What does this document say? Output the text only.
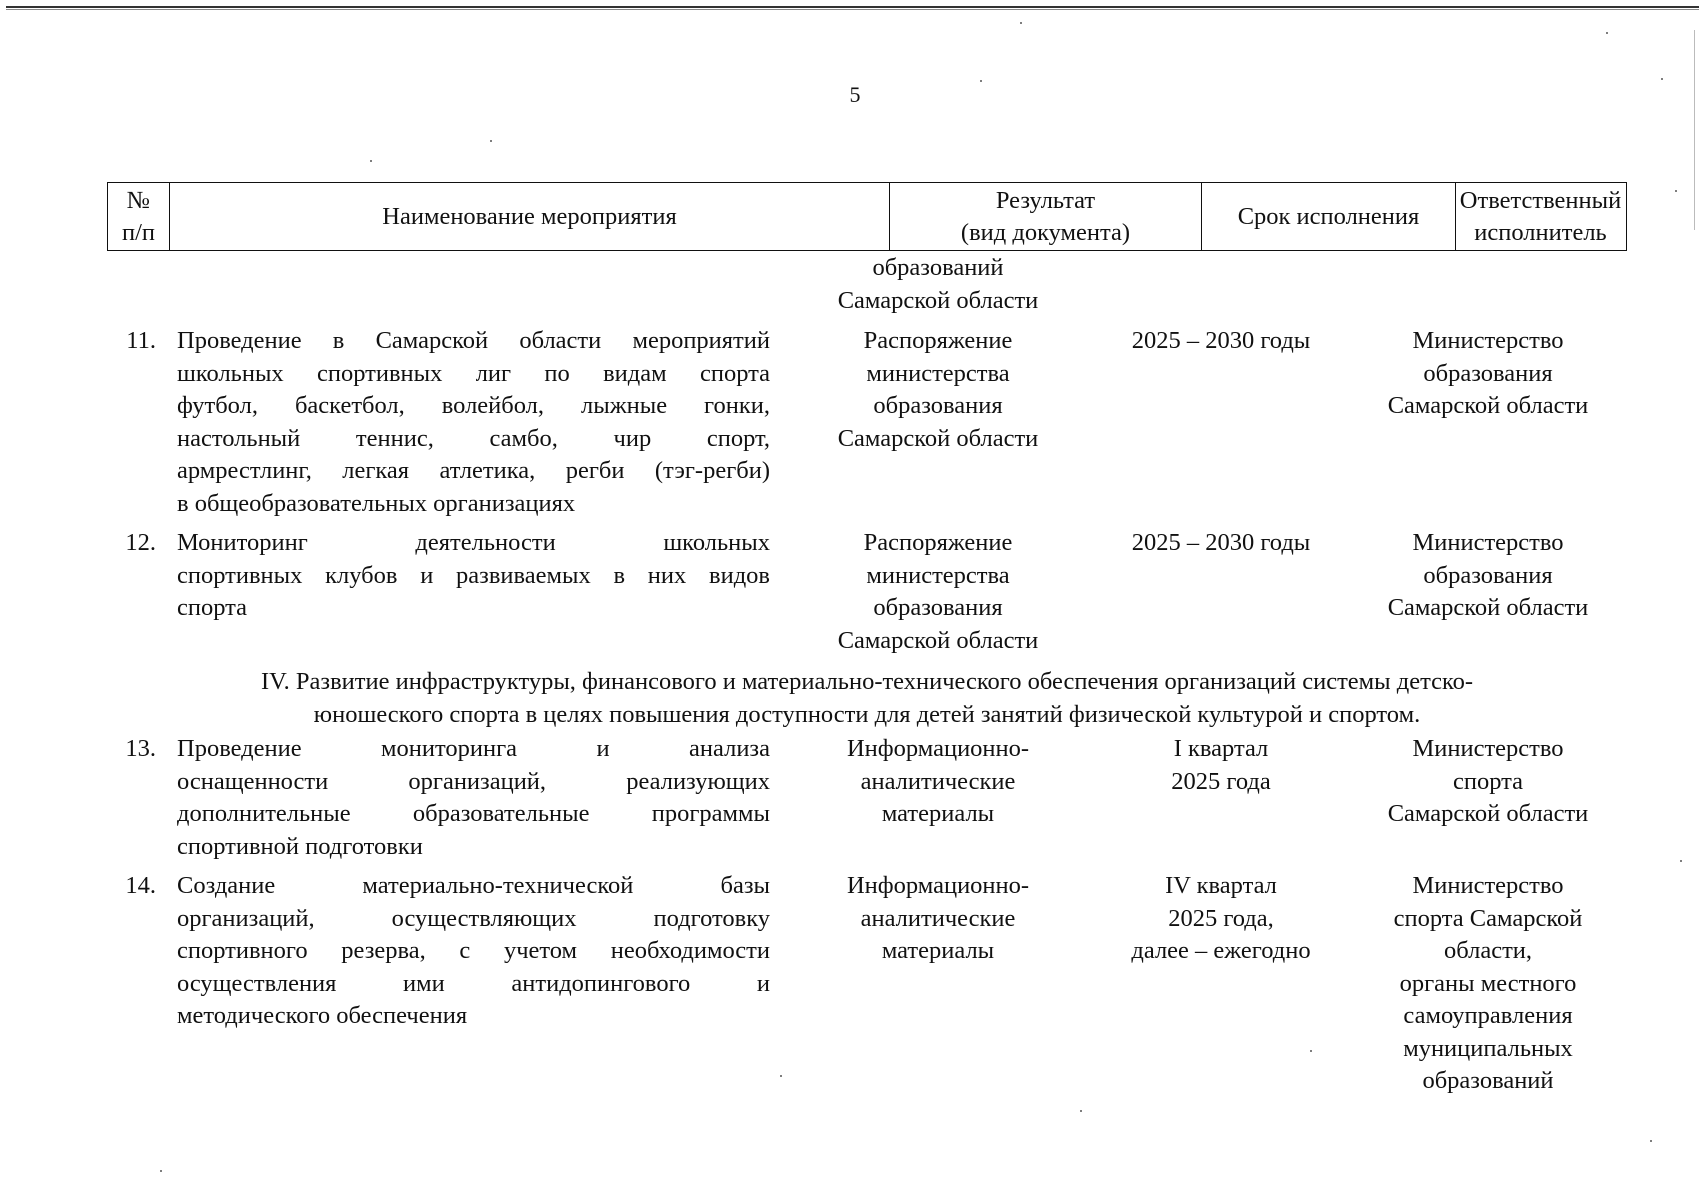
5
№
п/п
Наименование мероприятия
Результат
(вид документа)
Срок исполнения
Ответственный
исполнитель
образований
Самарской области
11. Проведение в Самарской области мероприятий
школьных спортивных лиг по видам спорта
футбол, баскетбол, волейбол, лыжные гонки,
настольный теннис, самбо, чир спорт,
армрестлинг, легкая атлетика, регби (тэг-регби)
в общеобразовательных организациях
Распоряжение
министерства
образования
Самарской области
2025 – 2030 годы	Министерство
образования
Самарской области
12. Мониторинг деятельности школьных
спортивных клубов и развиваемых в них видов
спорта
Распоряжение
министерства
образования
Самарской области
2025 – 2030 годы	Министерство
образования
Самарской области
IV. Развитие инфраструктуры, финансового и материально-технического обеспечения организаций системы детско-
юношеского спорта в целях повышения доступности для детей занятий физической культурой и спортом.
13. Проведение мониторинга и анализа
оснащенности организаций, реализующих
дополнительные образовательные программы
спортивной подготовки
Информационно-
аналитические
материалы
I квартал
2025 года
Министерство
спорта
Самарской области
14. Создание материально-технической базы
организаций, осуществляющих подготовку
спортивного резерва, с учетом необходимости
осуществления ими антидопингового и
методического обеспечения
Информационно-
аналитические
материалы
IV квартал
2025 года,
далее – ежегодно
Министерство
спорта Самарской
области,
органы местного
самоуправления
муниципальных
образований
